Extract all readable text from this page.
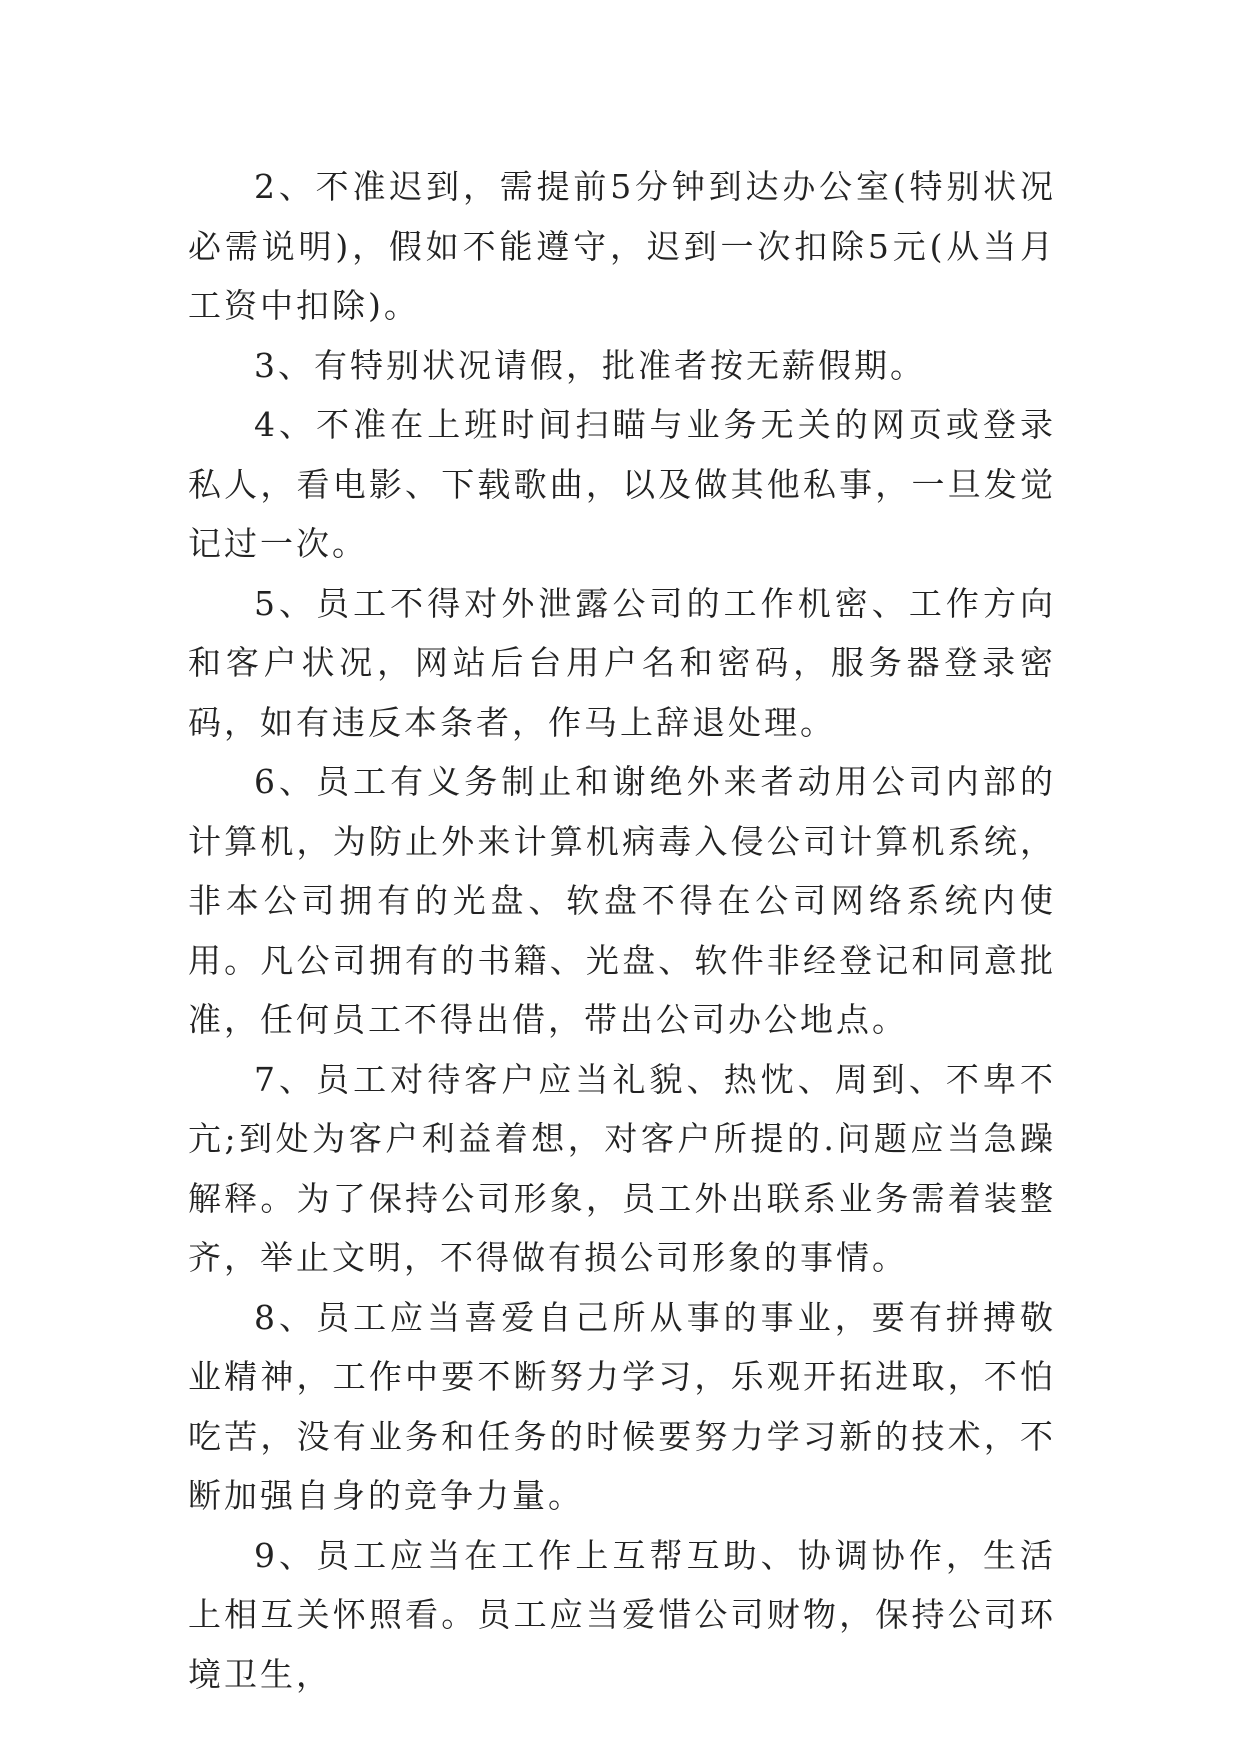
2、不准迟到，需提前5分钟到达办公室(特别状况必需说明)，假如不能遵守，迟到一次扣除5元(从当月工资中扣除)。

3、有特别状况请假，批准者按无薪假期。

4、不准在上班时间扫瞄与业务无关的网页或登录私人，看电影、下载歌曲，以及做其他私事，一旦发觉记过一次。

5、员工不得对外泄露公司的工作机密、工作方向和客户状况，网站后台用户名和密码，服务器登录密码，如有违反本条者，作马上辞退处理。

6、员工有义务制止和谢绝外来者动用公司内部的计算机，为防止外来计算机病毒入侵公司计算机系统，非本公司拥有的光盘、软盘不得在公司网络系统内使用。凡公司拥有的书籍、光盘、软件非经登记和同意批准，任何员工不得出借，带出公司办公地点。

7、员工对待客户应当礼貌、热忱、周到、不卑不亢;到处为客户利益着想，对客户所提的.问题应当急躁解释。为了保持公司形象，员工外出联系业务需着装整齐，举止文明，不得做有损公司形象的事情。

8、员工应当喜爱自己所从事的事业，要有拼搏敬业精神，工作中要不断努力学习，乐观开拓进取，不怕吃苦，没有业务和任务的时候要努力学习新的技术，不断加强自身的竞争力量。

9、员工应当在工作上互帮互助、协调协作，生活上相互关怀照看。员工应当爱惜公司财物，保持公司环境卫生，
